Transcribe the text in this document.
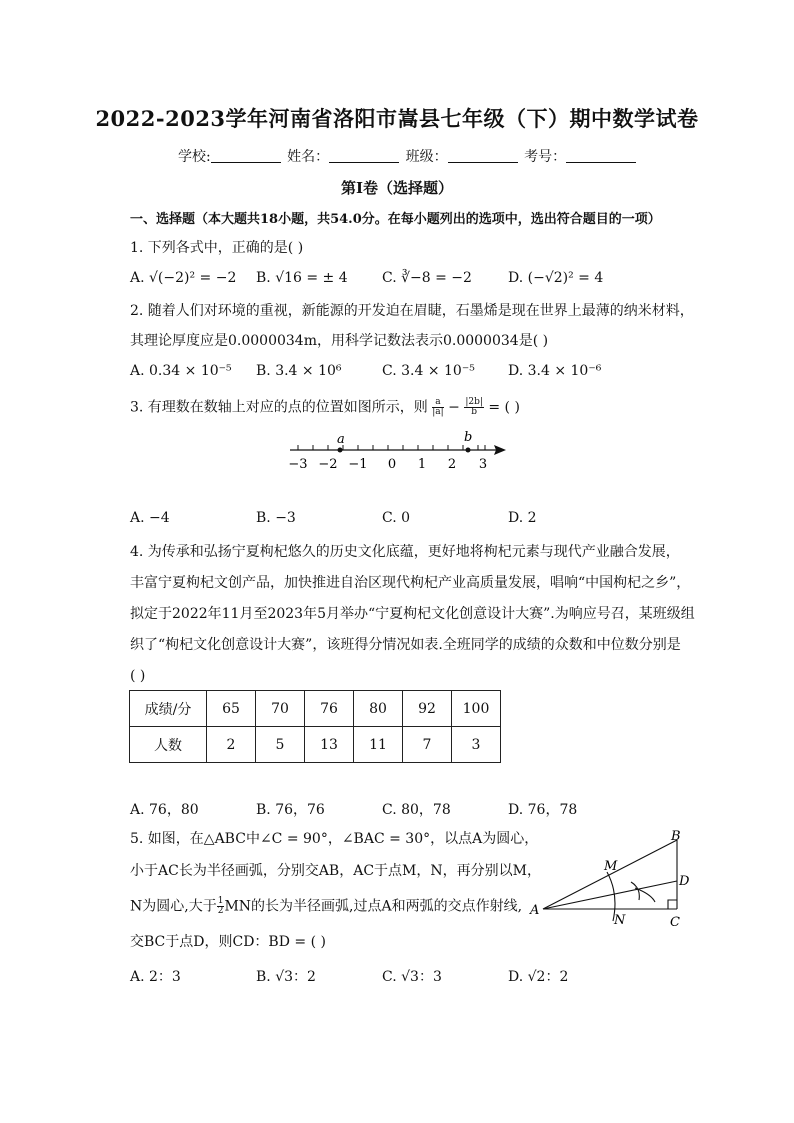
2022-2023学年河南省洛阳市嵩县七年级（下）期中数学试卷
学校:	姓名：	班级：	考号：
第I卷（选择题）
一、选择题（本大题共18小题，共54.0分。在每小题列出的选项中，选出符合题目的一项）
1. 下列各式中，正确的是( )
A. √(−2)² = −2 B. √16 = ± 4 C. ∛−8 = −2	D. (−√2)² = 4
2. 随着人们对环境的重视，新能源的开发迫在眉睫，石墨烯是现在世界上最薄的纳米材料，
其理论厚度应是0.0000034m，用科学记数法表示0.0000034是( )
A. 0.34 × 10⁻⁵ B. 3.4 × 10⁶	C. 3.4 × 10⁻⁵ D. 3.4 × 10⁻⁶
3. 有理数在数轴上对应的点的位置如图所示，则 $\frac{a}{|a|} - \frac{|2b|}{b}$ = ( )
a	b
−3 −2 −1 0 1 2 3
A. −4	B. −3	C. 0	D. 2
4. 为传承和弘扬宁夏枸杞悠久的历史文化底蕴，更好地将枸杞元素与现代产业融合发展，
丰富宁夏枸杞文创产品，加快推进自治区现代枸杞产业高质量发展，唱响“中国枸杞之乡”，
拟定于2022年11月至2023年5月举办“宁夏枸杞文化创意设计大赛”.为响应号召，某班级组
织了“枸杞文化创意设计大赛”，该班得分情况如表.全班同学的成绩的众数和中位数分别是
( )
成绩/分	65	70	76	80	92	100
人数	2	5	13	11	7	3
A. 76，80	B. 76，76	C. 80，78	D. 76，78
5. 如图，在△ABC中∠C = 90°，∠BAC = 30°，以点A为圆心，
小于AC长为半径画弧，分别交AB，AC于点M，N，再分别以M，
N为圆心,大于 $\frac{1}{2}$ MN的长为半径画弧,过点A和两弧的交点作射线,
交BC于点D，则CD：BD = ( )
A
B
C
D
M
N
A. 2：3	B. √3：2	C. √3：3	D. √2：2
